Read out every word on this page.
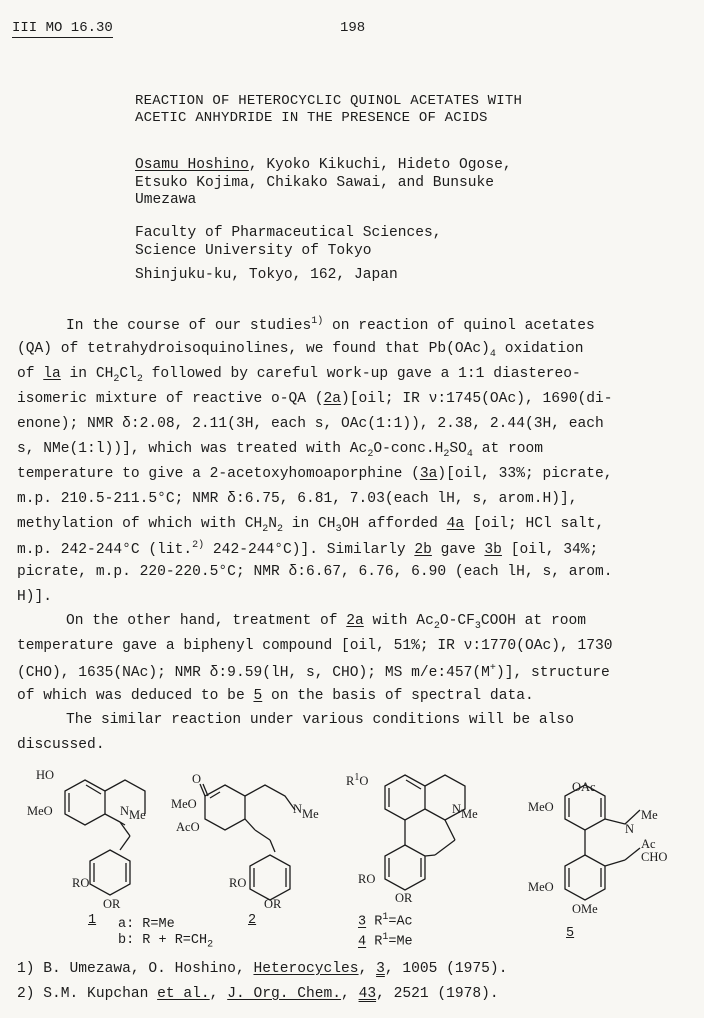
III MO 16.30	198
REACTION OF HETEROCYCLIC QUINOL ACETATES WITH
ACETIC ANHYDRIDE IN THE PRESENCE OF ACIDS
Osamu Hoshino, Kyoko Kikuchi, Hideto Ogose,
Etsuko Kojima, Chikako Sawai, and Bunsuke
Umezawa
Faculty of Pharmaceutical Sciences,
Science University of Tokyo
Shinjuku-ku, Tokyo, 162, Japan
In the course of our studies$^{1)}$ on reaction of quinol acetates
(QA) of tetrahydroisoquinolines, we found that $Pb(OAc)_4$ oxidation
of la in $CH_2Cl_2$ followed by careful work-up gave a 1:1 diastereo-
isomeric mixture of reactive o-QA (2a)[oil; IR ν:1745(OAc), 1690(di-
enone); NMR δ:2.08, 2.11(3H, each s, OAc(1:1)), 2.38, 2.44(3H, each
s, NMe(1:l))], which was treated with $Ac_2O-conc.H_2SO_4$ at room
temperature to give a 2-acetoxyhomoaporphine (3a)[oil, 33%; picrate,
m.p. 210.5-211.5°C; NMR δ:6.75, 6.81, 7.03(each lH, s, arom.H)],
methylation of which with $CH_2N_2$ in $CH_3OH$ afforded 4a [oil; HCl salt,
m.p. 242-244°C (lit.$^{2)}$ 242-244°C)]. Similarly 2b gave 3b [oil, 34%;
picrate, m.p. 220-220.5°C; NMR δ:6.67, 6.76, 6.90 (each lH, s, arom.
H)].
On the other hand, treatment of 2a with $Ac_2O-CF_3COOH$ at room
temperature gave a biphenyl compound [oil, 51%; IR ν:1770(OAc), 1730
(CHO), 1635(NAc); NMR δ:9.59(lH, s, CHO); MS m/e:457(M+)], structure
of which was deduced to be 5 on the basis of spectral data.
The similar reaction under various conditions will be also
discussed.
HO
MeO	NMe
RO
OR
1 a: R=Me
b: $R + R=CH_2$
O
MeO
AcO
NMe
RO
OR
2
$R^1O$
NMe
RO
OR
3 $R^1=Ac$
4 $R^1=Me$
OAc
MeO
Me
N
Ac
CHO
MeO
OMe
5
1) B. Umezawa, O. Hoshino, Heterocycles, 3, 1005 (1975).
2) S.M. Kupchan et al., J. Org. Chem., 43, 2521 (1978).
